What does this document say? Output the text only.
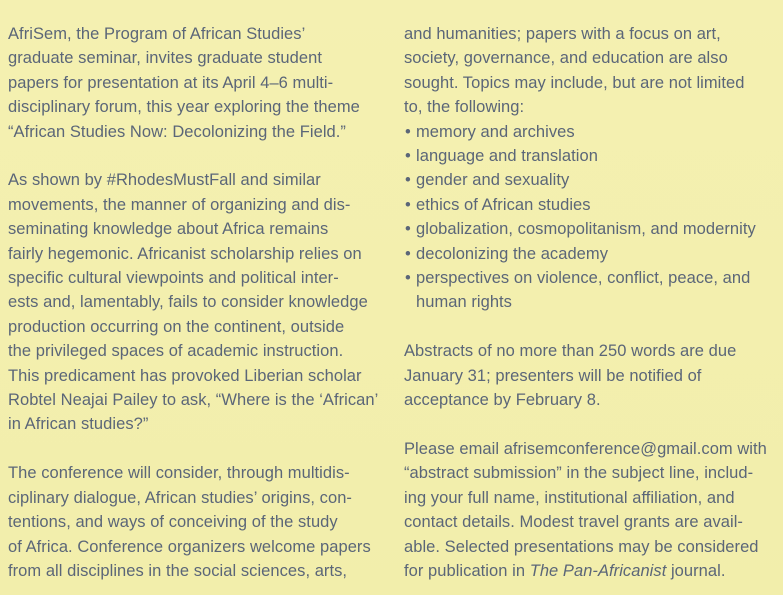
AfriSem, the Program of African Studies’
graduate seminar, invites graduate student
papers for presentation at its April 4–6 multi-
disciplinary forum, this year exploring the theme
“African Studies Now: Decolonizing the Field.”
As shown by #RhodesMustFall and similar
movements, the manner of organizing and dis-
seminating knowledge about Africa remains
fairly hegemonic. Africanist scholarship relies on
specific cultural viewpoints and political inter-
ests and, lamentably, fails to consider knowledge
production occurring on the continent, outside
the privileged spaces of academic instruction.
This predicament has provoked Liberian scholar
Robtel Neajai Pailey to ask, “Where is the ‘African’
in African studies?”
The conference will consider, through multidis-
ciplinary dialogue, African studies’ origins, con-
tentions, and ways of conceiving of the study
of Africa. Conference organizers welcome papers
from all disciplines in the social sciences, arts,
and humanities; papers with a focus on art,
society, governance, and education are also
sought. Topics may include, but are not limited
to, the following:
• memory and archives
• language and translation
• gender and sexuality
• ethics of African studies
• globalization, cosmopolitanism, and modernity
• decolonizing the academy
• perspectives on violence, conflict, peace, and
human rights
Abstracts of no more than 250 words are due
January 31; presenters will be notified of
acceptance by February 8.
Please email afrisemconference@gmail.com with
“abstract submission” in the subject line, includ-
ing your full name, institutional affiliation, and
contact details. Modest travel grants are avail-
able. Selected presentations may be considered
for publication in The Pan-Africanist journal.
